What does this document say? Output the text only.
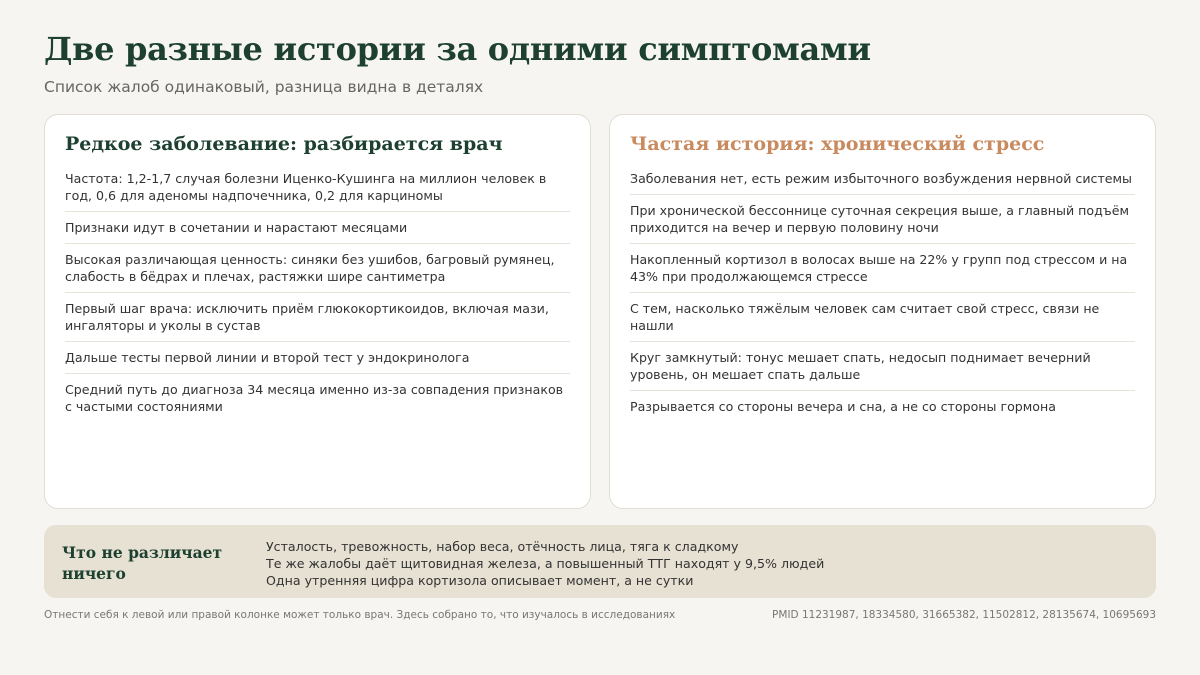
Две разные истории за одними симптомами

Список жалоб одинаковый, разница видна в деталях

Редкое заболевание: разбирается врач
Частота: 1,2-1,7 случая болезни Иценко-Кушинга на миллион человек в год, 0,6 для аденомы надпочечника, 0,2 для карциномы
Признаки идут в сочетании и нарастают месяцами
Высокая различающая ценность: синяки без ушибов, багровый румянец, слабость в бёдрах и плечах, растяжки шире сантиметра
Первый шаг врача: исключить приём глюкокортикоидов, включая мази, ингаляторы и уколы в сустав
Дальше тесты первой линии и второй тест у эндокринолога
Средний путь до диагноза 34 месяца именно из-за совпадения признаков с частыми состояниями
Частая история: хронический стресс
Заболевания нет, есть режим избыточного возбуждения нервной системы
При хронической бессоннице суточная секреция выше, а главный подъём приходится на вечер и первую половину ночи
Накопленный кортизол в волосах выше на 22% у групп под стрессом и на 43% при продолжающемся стрессе
С тем, насколько тяжёлым человек сам считает свой стресс, связи не нашли
Круг замкнутый: тонус мешает спать, недосып поднимает вечерний уровень, он мешает спать дальше
Разрывается со стороны вечера и сна, а не со стороны гормона
Что не различает ничего
Усталость, тревожность, набор веса, отёчность лица, тяга к сладкому
Те же жалобы даёт щитовидная железа, а повышенный ТТГ находят у 9,5% людей
Одна утренняя цифра кортизола описывает момент, а не сутки

Отнести себя к левой или правой колонке может только врач. Здесь собрано то, что изучалось в исследованиях	PMID 11231987, 18334580, 31665382, 11502812, 28135674, 10695693
